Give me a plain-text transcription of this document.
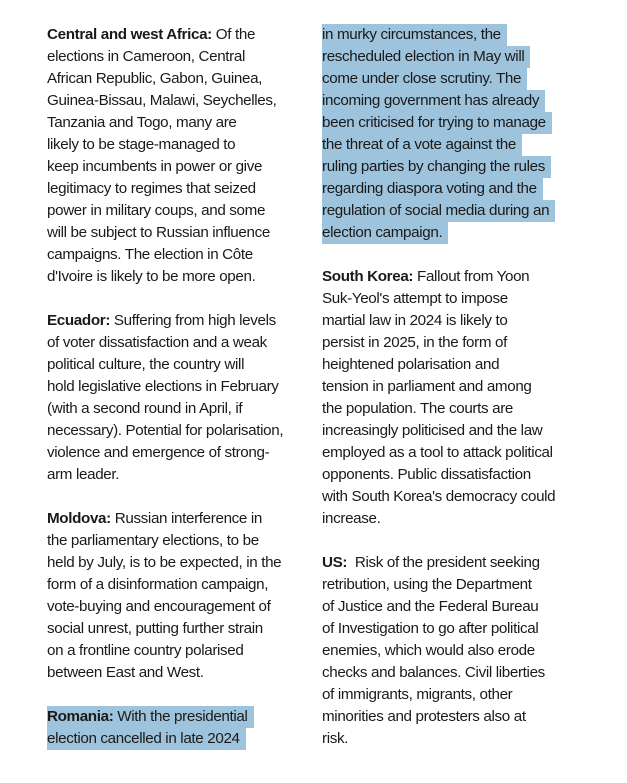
Central and west Africa: Of the
elections in Cameroon, Central
African Republic, Gabon, Guinea,
Guinea-Bissau, Malawi, Seychelles,
Tanzania and Togo, many are
likely to be stage-managed to
keep incumbents in power or give
legitimacy to regimes that seized
power in military coups, and some
will be subject to Russian influence
campaigns. The election in Côte
d'Ivoire is likely to be more open.
Ecuador: Suffering from high levels
of voter dissatisfaction and a weak
political culture, the country will
hold legislative elections in February
(with a second round in April, if
necessary). Potential for polarisation,
violence and emergence of strong-
arm leader.
Moldova: Russian interference in
the parliamentary elections, to be
held by July, is to be expected, in the
form of a disinformation campaign,
vote-buying and encouragement of
social unrest, putting further strain
on a frontline country polarised
between East and West.
Romania: With the presidential
election cancelled in late 2024
in murky circumstances, the
rescheduled election in May will
come under close scrutiny. The
incoming government has already
been criticised for trying to manage
the threat of a vote against the
ruling parties by changing the rules
regarding diaspora voting and the
regulation of social media during an
election campaign.
South Korea: Fallout from Yoon
Suk-Yeol's attempt to impose
martial law in 2024 is likely to
persist in 2025, in the form of
heightened polarisation and
tension in parliament and among
the population. The courts are
increasingly politicised and the law
employed as a tool to attack political
opponents. Public dissatisfaction
with South Korea's democracy could
increase.
US:  Risk of the president seeking
retribution, using the Department
of Justice and the Federal Bureau
of Investigation to go after political
enemies, which would also erode
checks and balances. Civil liberties
of immigrants, migrants, other
minorities and protesters also at
risk.
